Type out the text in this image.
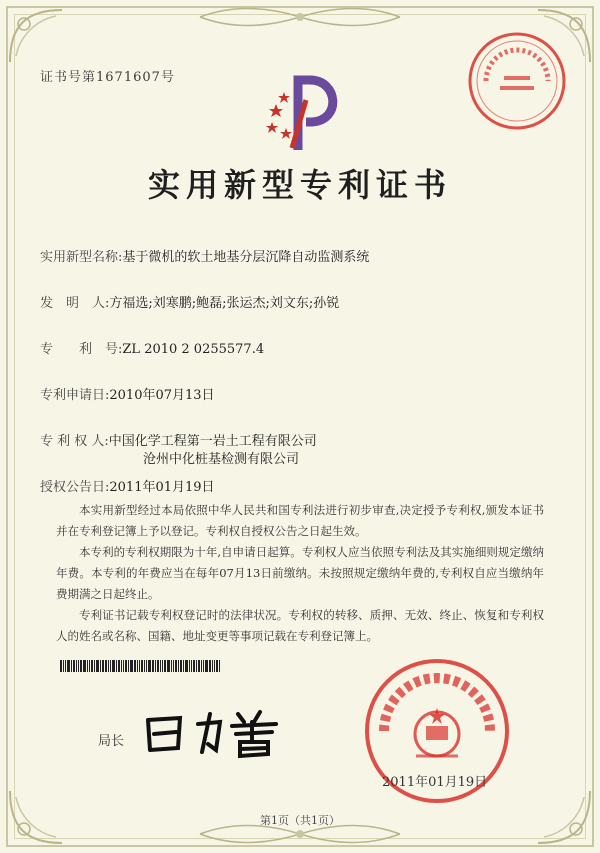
证书号第1671607号
实用新型专利证书
实用新型名称:基于微机的软土地基分层沉降自动监测系统
发　明　人:方福选;刘寒鹏;鲍磊;张运杰;刘文东;孙锐
专　　利　号:ZL 2010 2 0255577.4
专利申请日:2010年07月13日
专 利 权 人:中国化学工程第一岩土工程有限公司
沧州中化桩基检测有限公司
授权公告日:2011年01月19日

本实用新型经过本局依照中华人民共和国专利法进行初步审查,决定授予专利权,颁发本证书并在专利登记簿上予以登记。专利权自授权公告之日起生效。

本专利的专利权期限为十年,自申请日起算。专利权人应当依照专利法及其实施细则规定缴纳年费。本专利的年费应当在每年07月13日前缴纳。未按照规定缴纳年费的,专利权自应当缴纳年费期满之日起终止。

专利证书记载专利权登记时的法律状况。专利权的转移、质押、无效、终止、恢复和专利权人的姓名或名称、国籍、地址变更等事项记载在专利登记簿上。

局长
2011年01月19日
第1页（共1页）
